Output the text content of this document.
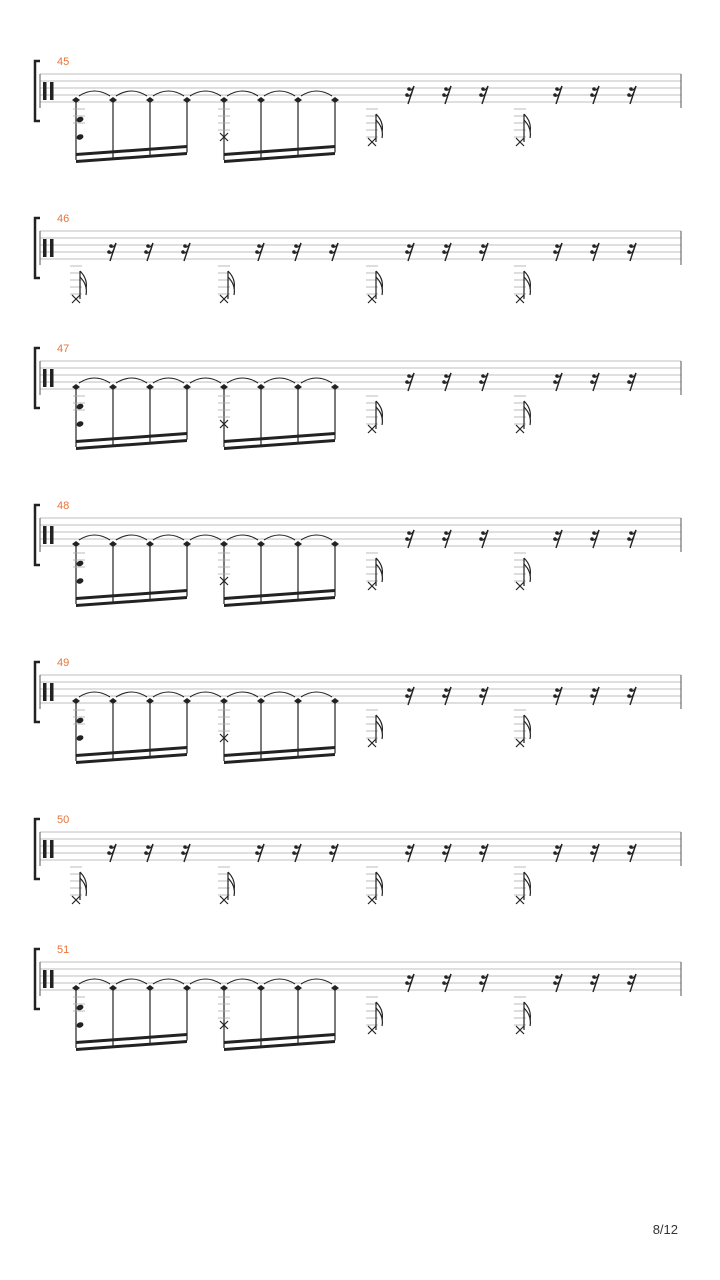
45
46
47
48
49
50
51
8/12
